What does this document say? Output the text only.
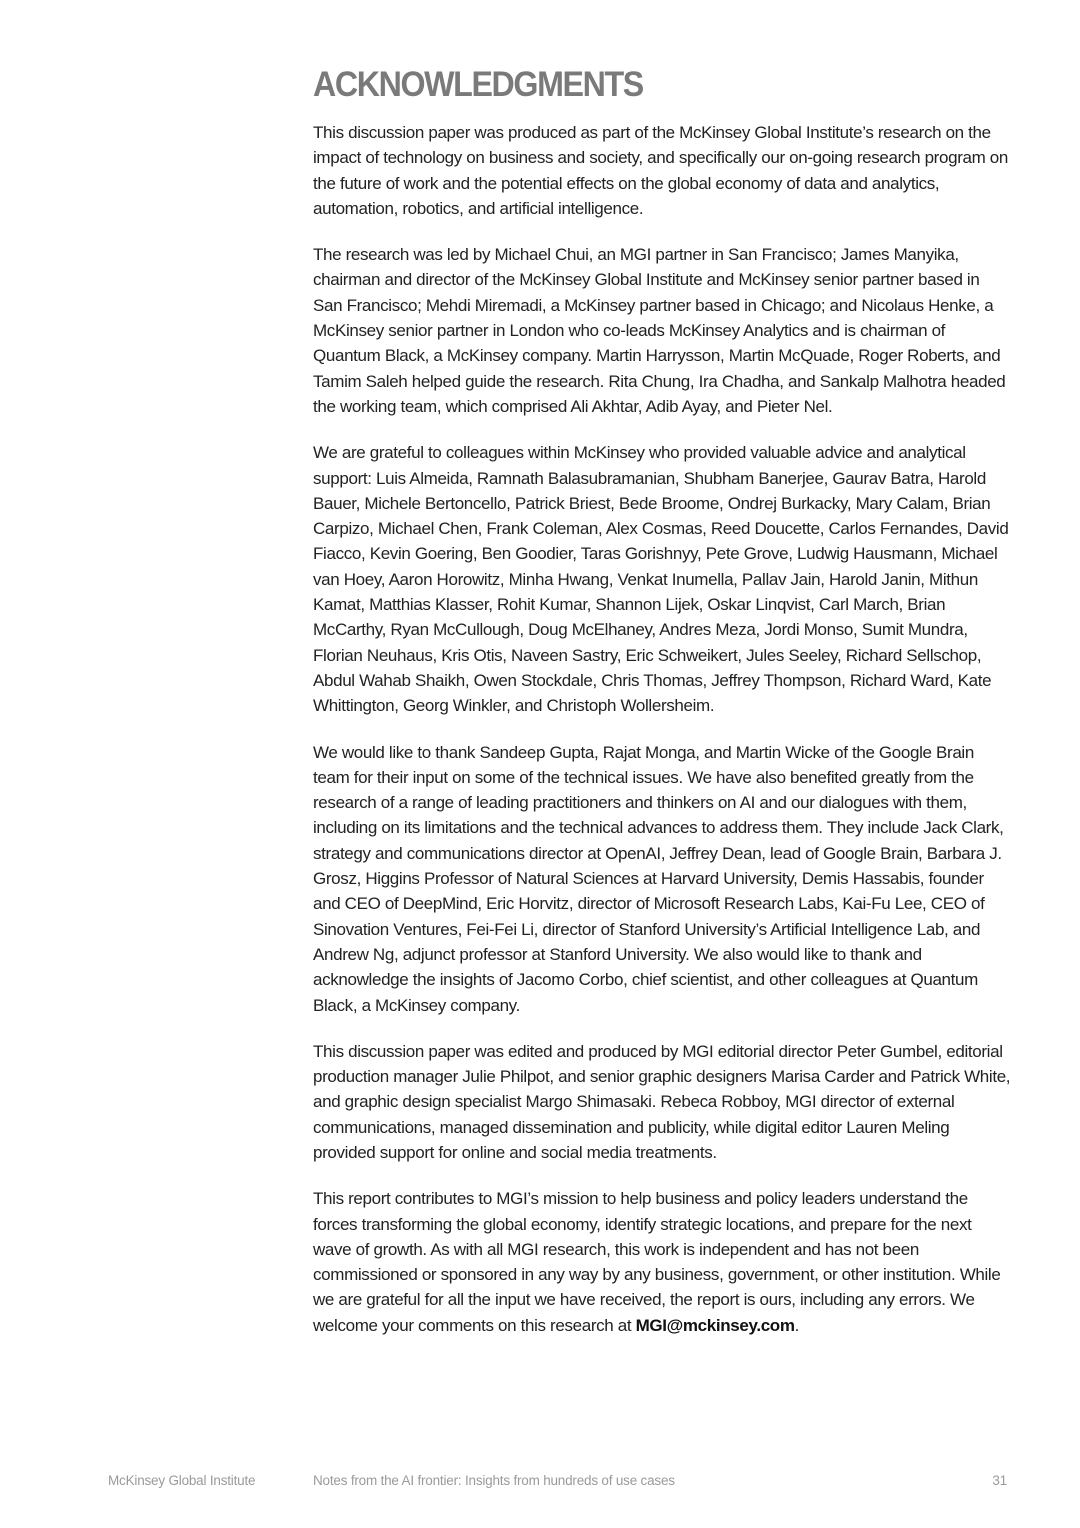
ACKNOWLEDGMENTS

This discussion paper was produced as part of the McKinsey Global Institute’s research on the impact of technology on business and society, and specifically our on-going research program on the future of work and the potential effects on the global economy of data and analytics, automation, robotics, and artificial intelligence.

The research was led by Michael Chui, an MGI partner in San Francisco; James Manyika, chairman and director of the McKinsey Global Institute and McKinsey senior partner based in San Francisco; Mehdi Miremadi, a McKinsey partner based in Chicago; and Nicolaus Henke, a McKinsey senior partner in London who co-leads McKinsey Analytics and is chairman of Quantum Black, a McKinsey company. Martin Harrysson, Martin McQuade, Roger Roberts, and Tamim Saleh helped guide the research. Rita Chung, Ira Chadha, and Sankalp Malhotra headed the working team, which comprised Ali Akhtar, Adib Ayay, and Pieter Nel.

We are grateful to colleagues within McKinsey who provided valuable advice and analytical support: Luis Almeida, Ramnath Balasubramanian, Shubham Banerjee, Gaurav Batra, Harold Bauer, Michele Bertoncello, Patrick Briest, Bede Broome, Ondrej Burkacky, Mary Calam, Brian Carpizo, Michael Chen, Frank Coleman, Alex Cosmas, Reed Doucette, Carlos Fernandes, David Fiacco, Kevin Goering, Ben Goodier, Taras Gorishnyy, Pete Grove, Ludwig Hausmann, Michael van Hoey, Aaron Horowitz, Minha Hwang, Venkat Inumella, Pallav Jain, Harold Janin, Mithun Kamat, Matthias Klasser, Rohit Kumar, Shannon Lijek, Oskar Linqvist, Carl March, Brian McCarthy, Ryan McCullough, Doug McElhaney, Andres Meza, Jordi Monso, Sumit Mundra, Florian Neuhaus, Kris Otis, Naveen Sastry, Eric Schweikert, Jules Seeley, Richard Sellschop, Abdul Wahab Shaikh, Owen Stockdale, Chris Thomas, Jeffrey Thompson, Richard Ward, Kate Whittington, Georg Winkler, and Christoph Wollersheim.

We would like to thank Sandeep Gupta, Rajat Monga, and Martin Wicke of the Google Brain team for their input on some of the technical issues. We have also benefited greatly from the research of a range of leading practitioners and thinkers on AI and our dialogues with them, including on its limitations and the technical advances to address them. They include Jack Clark, strategy and communications director at OpenAI, Jeffrey Dean, lead of Google Brain, Barbara J. Grosz, Higgins Professor of Natural Sciences at Harvard University, Demis Hassabis, founder and CEO of DeepMind, Eric Horvitz, director of Microsoft Research Labs, Kai-Fu Lee, CEO of Sinovation Ventures, Fei-Fei Li, director of Stanford University’s Artificial Intelligence Lab, and Andrew Ng, adjunct professor at Stanford University. We also would like to thank and acknowledge the insights of Jacomo Corbo, chief scientist, and other colleagues at Quantum Black, a McKinsey company.

This discussion paper was edited and produced by MGI editorial director Peter Gumbel, editorial production manager Julie Philpot, and senior graphic designers Marisa Carder and Patrick White, and graphic design specialist Margo Shimasaki. Rebeca Robboy, MGI director of external communications, managed dissemination and publicity, while digital editor Lauren Meling provided support for online and social media treatments.

This report contributes to MGI’s mission to help business and policy leaders understand the forces transforming the global economy, identify strategic locations, and prepare for the next wave of growth. As with all MGI research, this work is independent and has not been commissioned or sponsored in any way by any business, government, or other institution. While we are grateful for all the input we have received, the report is ours, including any errors. We welcome your comments on this research at MGI@mckinsey.com.

McKinsey Global Institute	Notes from the AI frontier: Insights from hundreds of use cases	31
